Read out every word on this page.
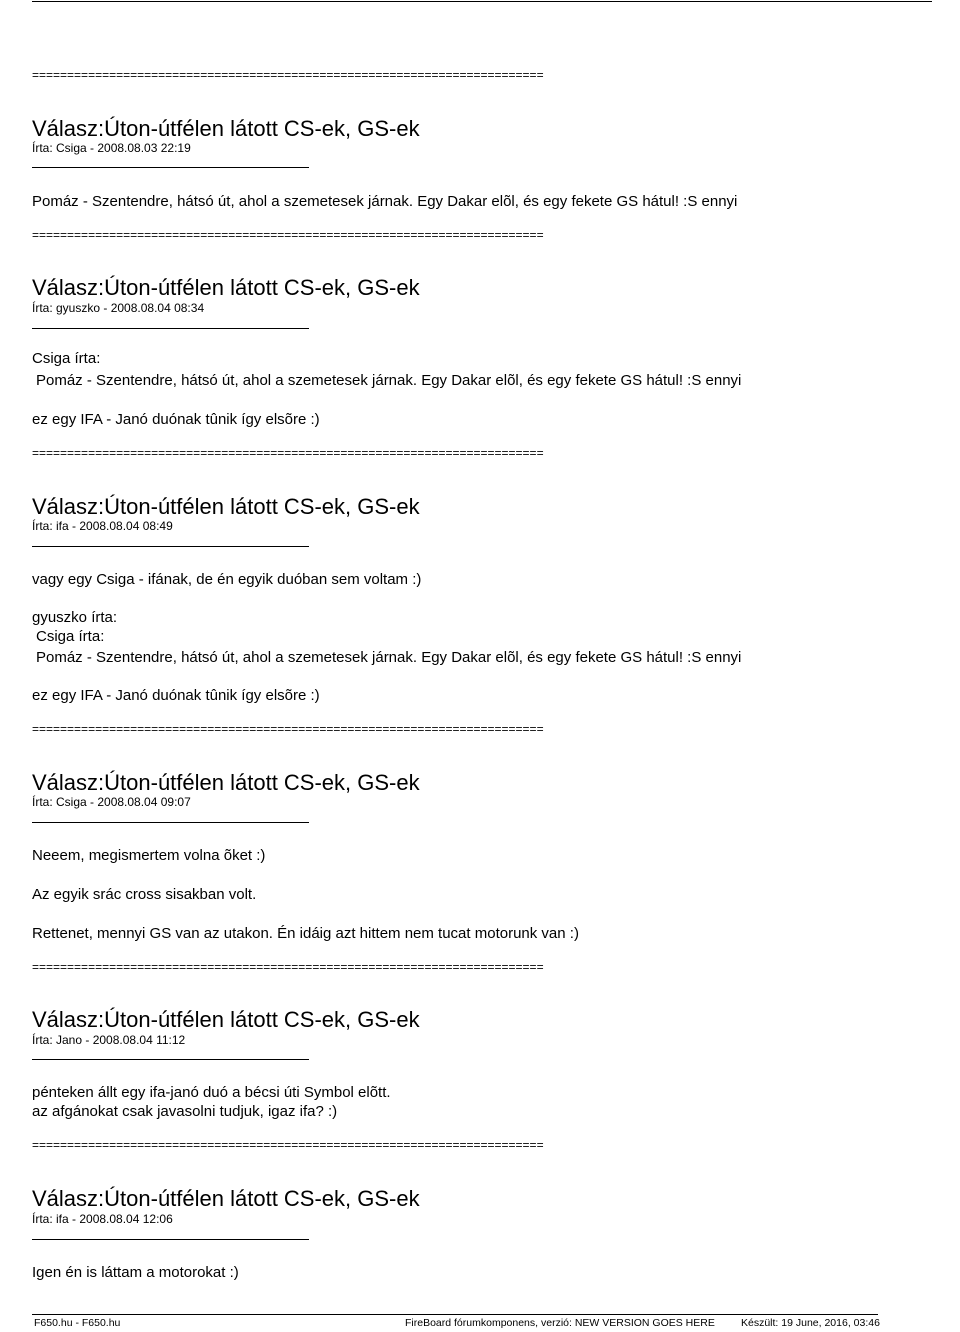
=========================================================================
Válasz:Úton-útfélen látott CS-ek, GS-ek
Írta: Csiga - 2008.08.03 22:19
Pomáz - Szentendre, hátsó út, ahol a szemetesek járnak. Egy Dakar elõl, és egy fekete GS hátul! :S ennyi
=========================================================================
Válasz:Úton-útfélen látott CS-ek, GS-ek
Írta: gyuszko - 2008.08.04 08:34
Csiga írta:
Pomáz - Szentendre, hátsó út, ahol a szemetesek járnak. Egy Dakar elõl, és egy fekete GS hátul! :S ennyi
ez egy IFA - Janó duónak tûnik így elsõre :)
=========================================================================
Válasz:Úton-útfélen látott CS-ek, GS-ek
Írta: ifa - 2008.08.04 08:49
vagy egy Csiga - ifának, de én egyik duóban sem voltam :)
gyuszko írta:
Csiga írta:
Pomáz - Szentendre, hátsó út, ahol a szemetesek járnak. Egy Dakar elõl, és egy fekete GS hátul! :S ennyi
ez egy IFA - Janó duónak tûnik így elsõre :)
=========================================================================
Válasz:Úton-útfélen látott CS-ek, GS-ek
Írta: Csiga - 2008.08.04 09:07
Neeem, megismertem volna õket :)
Az egyik srác cross sisakban volt.
Rettenet, mennyi GS van az utakon. Én idáig azt hittem nem tucat motorunk van :)
=========================================================================
Válasz:Úton-útfélen látott CS-ek, GS-ek
Írta: Jano - 2008.08.04 11:12
pénteken állt egy ifa-janó duó a bécsi úti Symbol elõtt.
az afgánokat csak javasolni tudjuk, igaz ifa? :)
=========================================================================
Válasz:Úton-útfélen látott CS-ek, GS-ek
Írta: ifa - 2008.08.04 12:06
Igen én is láttam a motorokat :)
F650.hu - F650.hu	FireBoard fórumkomponens, verzió: NEW VERSION GOES HERE Készült: 19 June, 2016, 03:46
